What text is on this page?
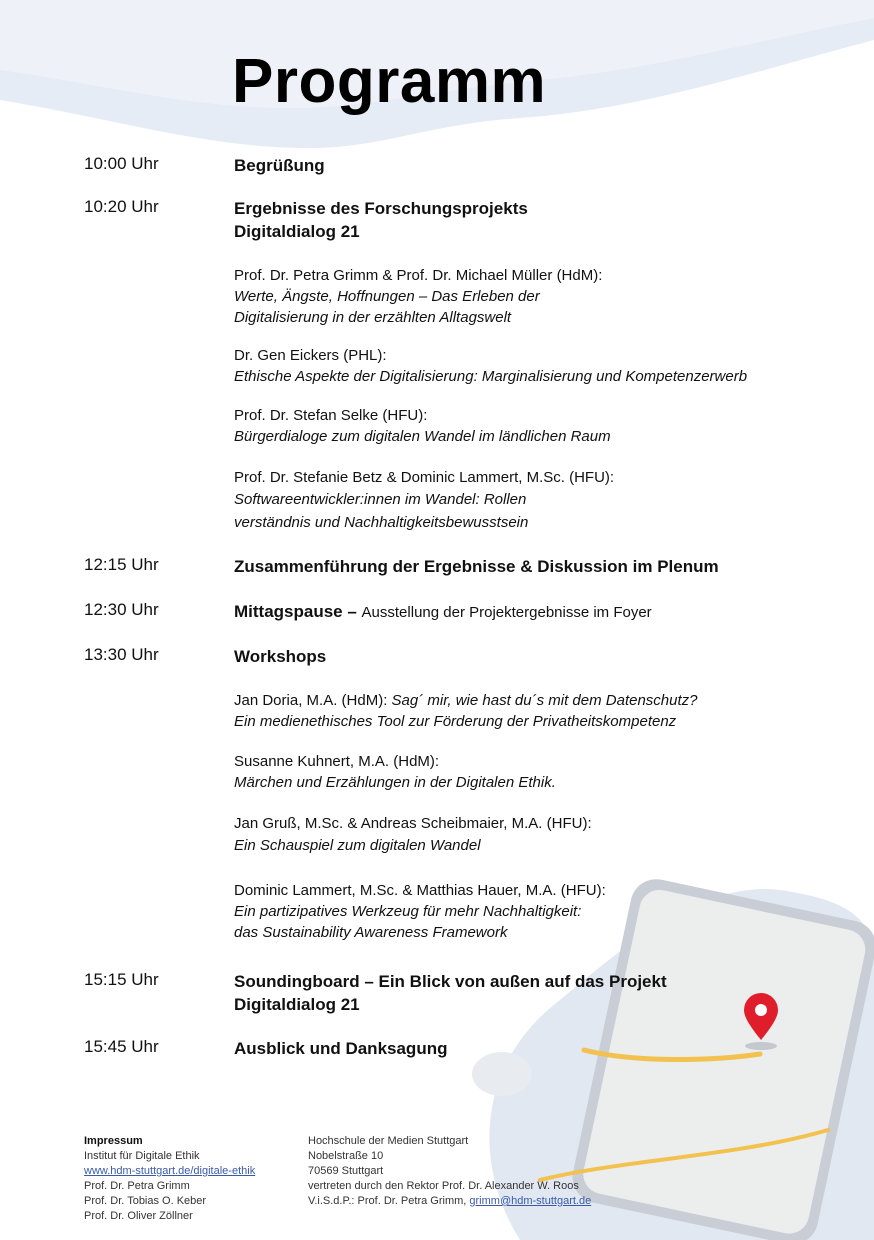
Programm
10:00 Uhr	Begrüßung
10:20 Uhr	Ergebnisse des Forschungsprojekts
Digitaldialog 21
Prof. Dr. Petra Grimm & Prof. Dr. Michael Müller (HdM):
Werte, Ängste, Hoffnungen – Das Erleben der
Digitalisierung in der erzählten Alltagswelt
Dr. Gen Eickers (PHL):
Ethische Aspekte der Digitalisierung: Marginalisierung und Kompetenzerwerb
Prof. Dr. Stefan Selke (HFU):
Bürgerdialoge zum digitalen Wandel im ländlichen Raum
Prof. Dr. Stefanie Betz & Dominic Lammert, M.Sc. (HFU):
Softwareentwickler:innen im Wandel: Rollen
verständnis und Nachhaltigkeitsbewusstsein
12:15 Uhr	Zusammenführung der Ergebnisse & Diskussion im Plenum
12:30 Uhr	Mittagspause – Ausstellung der Projektergebnisse im Foyer
13:30 Uhr	Workshops
Jan Doria, M.A. (HdM): Sag´ mir, wie hast du´s mit dem Datenschutz?
Ein medienethisches Tool zur Förderung der Privatheitskompetenz
Susanne Kuhnert, M.A. (HdM):
Märchen und Erzählungen in der Digitalen Ethik.
Jan Gruß, M.Sc. & Andreas Scheibmaier, M.A. (HFU):
Ein Schauspiel zum digitalen Wandel
Dominic Lammert, M.Sc. & Matthias Hauer, M.A. (HFU):
Ein partizipatives Werkzeug für mehr Nachhaltigkeit:
das Sustainability Awareness Framework
15:15 Uhr	Soundingboard – Ein Blick von außen auf das Projekt
Digitaldialog 21
15:45 Uhr	Ausblick und Danksagung
Impressum
Institut für Digitale Ethik
www.hdm-stuttgart.de/digitale-ethik
Prof. Dr. Petra Grimm
Prof. Dr. Tobias O. Keber
Prof. Dr. Oliver Zöllner
Hochschule der Medien Stuttgart
Nobelstraße 10
70569 Stuttgart
vertreten durch den Rektor Prof. Dr. Alexander W. Roos
V.i.S.d.P.: Prof. Dr. Petra Grimm, grimm@hdm-stuttgart.de
